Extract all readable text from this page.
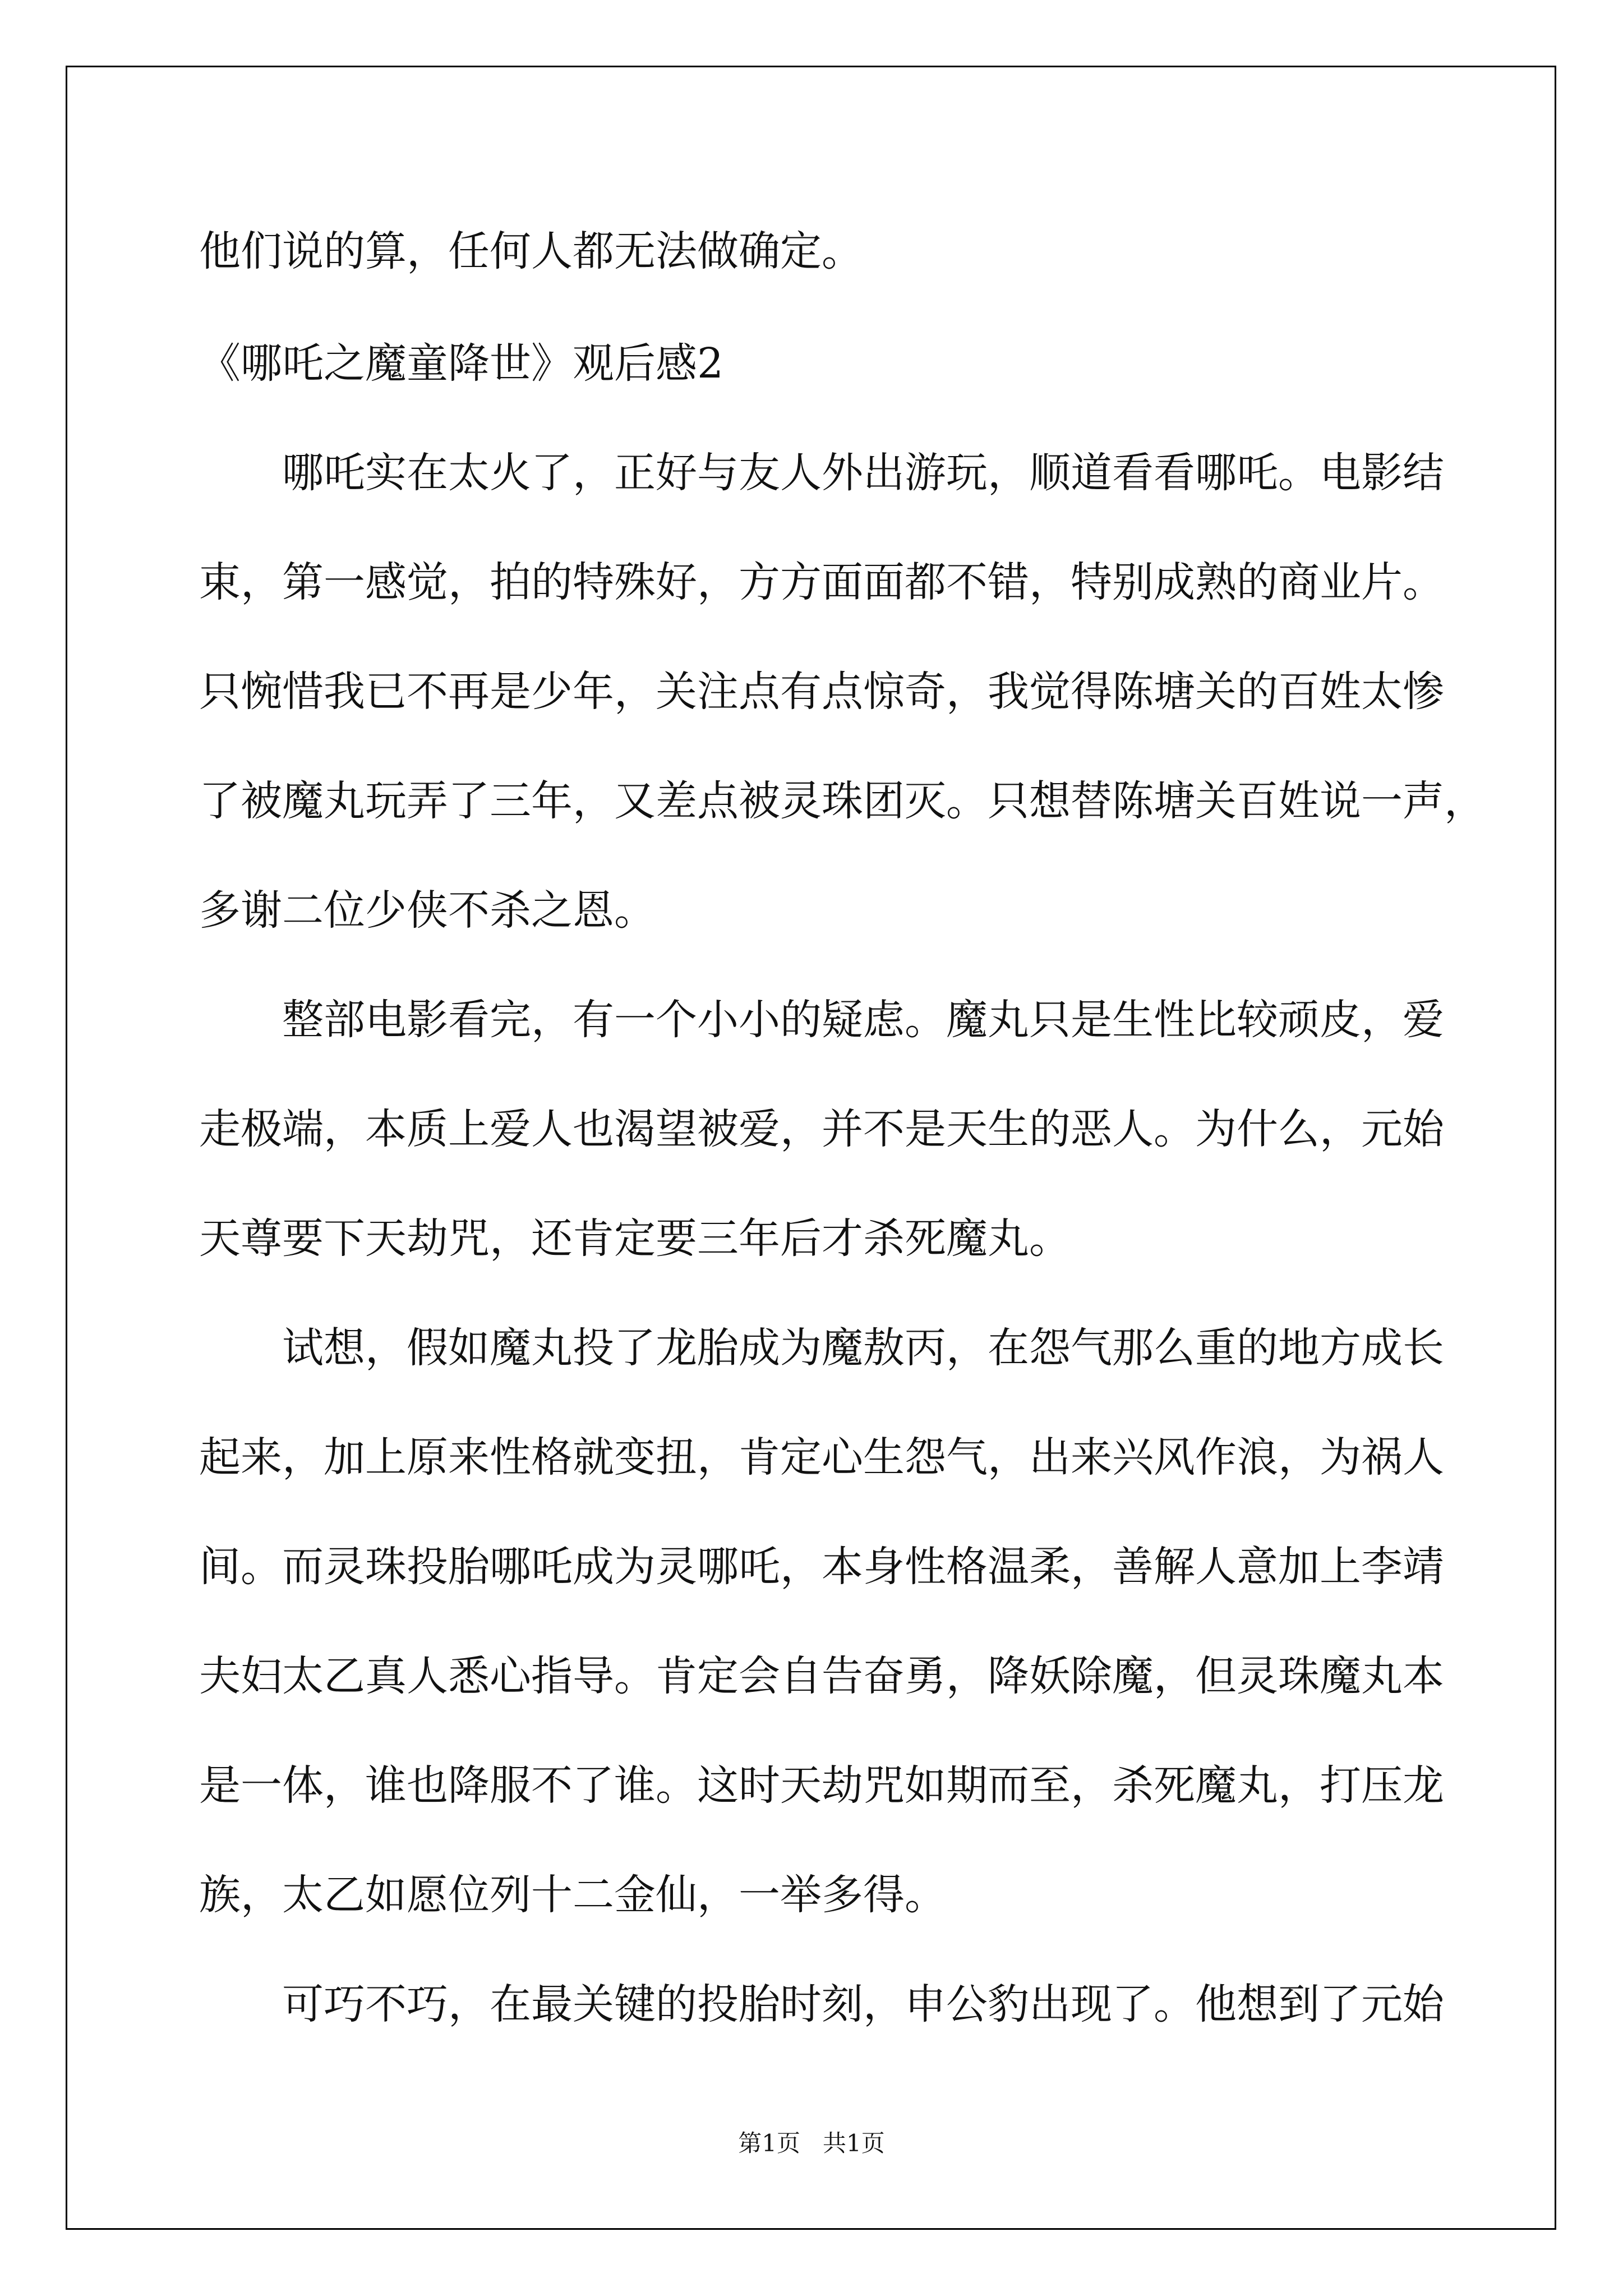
他们说的算，任何人都无法做确定。
《哪吒之魔童降世》观后感2
哪吒实在太火了，正好与友人外出游玩，顺道看看哪吒。电影结
束，第一感觉，拍的特殊好，方方面面都不错，特别成熟的商业片。
只惋惜我已不再是少年，关注点有点惊奇，我觉得陈塘关的百姓太惨
了被魔丸玩弄了三年，又差点被灵珠团灭。只想替陈塘关百姓说一声，
多谢二位少侠不杀之恩。
整部电影看完，有一个小小的疑虑。魔丸只是生性比较顽皮，爱
走极端，本质上爱人也渴望被爱，并不是天生的恶人。为什么，元始
天尊要下天劫咒，还肯定要三年后才杀死魔丸。
试想，假如魔丸投了龙胎成为魔敖丙，在怨气那么重的地方成长
起来，加上原来性格就变扭，肯定心生怨气，出来兴风作浪，为祸人
间。而灵珠投胎哪吒成为灵哪吒，本身性格温柔，善解人意加上李靖
夫妇太乙真人悉心指导。肯定会自告奋勇，降妖除魔，但灵珠魔丸本
是一体，谁也降服不了谁。这时天劫咒如期而至，杀死魔丸，打压龙
族，太乙如愿位列十二金仙，一举多得。
可巧不巧，在最关键的投胎时刻，申公豹出现了。他想到了元始
第1页   共1页
